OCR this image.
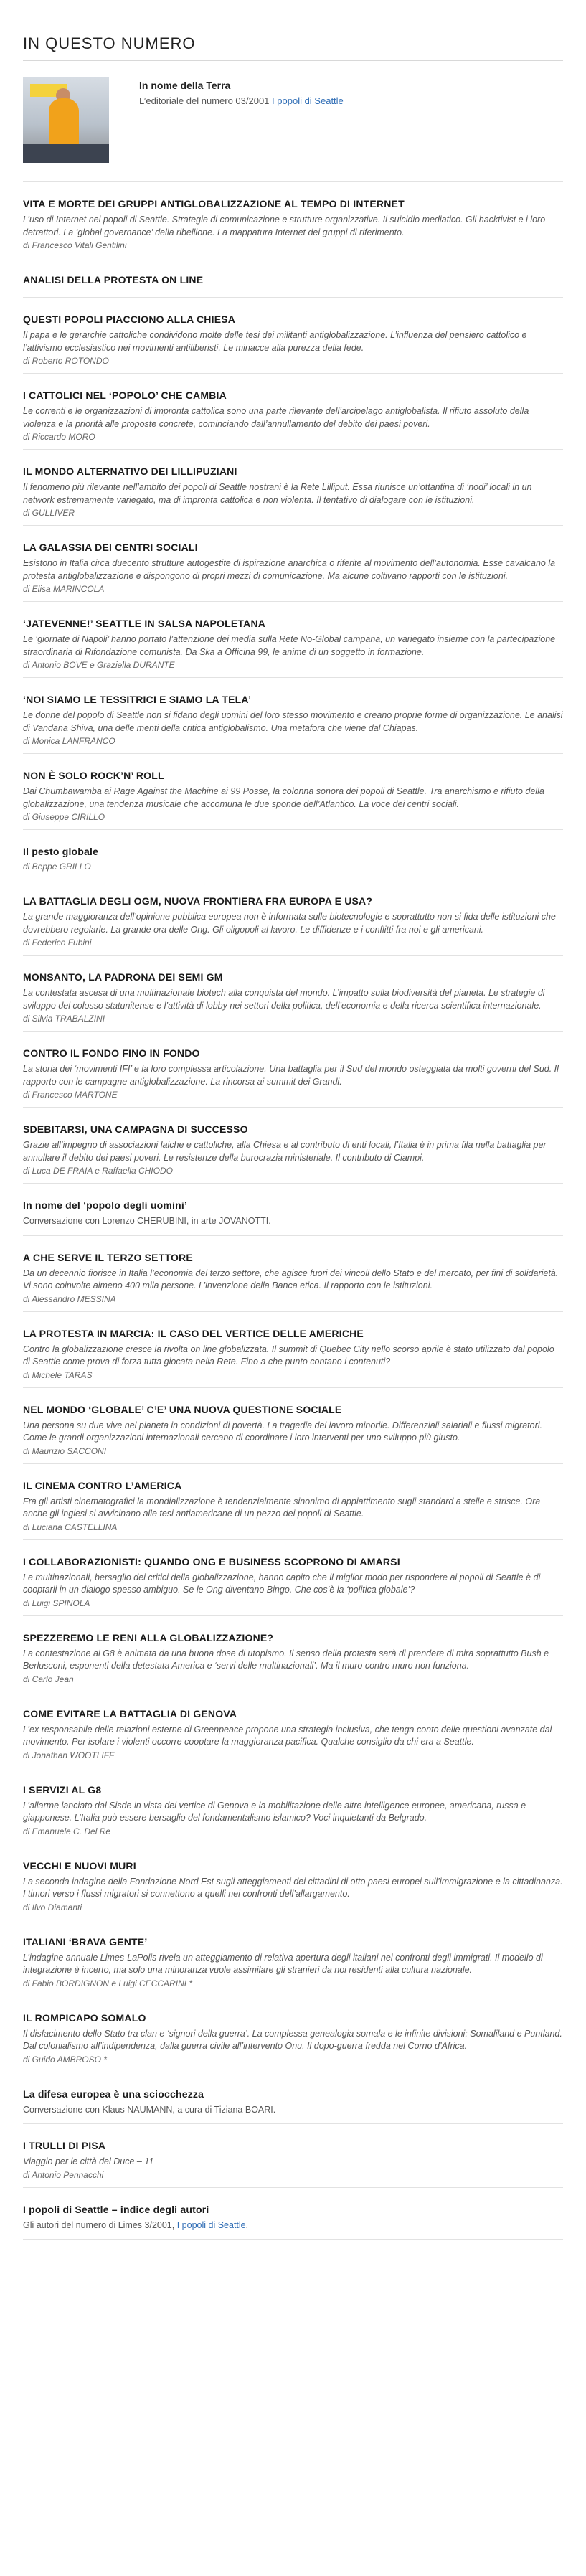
IN QUESTO NUMERO
In nome della Terra
L’editoriale del numero 03/2001 I popoli di Seattle
VITA E MORTE DEI GRUPPI ANTIGLOBALIZZAZIONE AL TEMPO DI INTERNET
L’uso di Internet nei popoli di Seattle. Strategie di comunicazione e strutture organizzative. Il suicidio mediatico. Gli hacktivist e i loro detrattori. La ‘global governance’ della ribellione. La mappatura Internet dei gruppi di riferimento.
di Francesco Vitali Gentilini
ANALISI DELLA PROTESTA ON LINE
QUESTI POPOLI PIACCIONO ALLA CHIESA
Il papa e le gerarchie cattoliche condividono molte delle tesi dei militanti antiglobalizzazione. L’influenza del pensiero cattolico e l’attivismo ecclesiastico nei movimenti antiliberisti. Le minacce alla purezza della fede.
di Roberto ROTONDO
I CATTOLICI NEL ‘POPOLO’ CHE CAMBIA
Le correnti e le organizzazioni di impronta cattolica sono una parte rilevante dell’arcipelago antiglobalista. Il rifiuto assoluto della violenza e la priorità alle proposte concrete, cominciando dall’annullamento del debito dei paesi poveri.
di Riccardo MORO
IL MONDO ALTERNATIVO DEI LILLIPUZIANI
Il fenomeno più rilevante nell’ambito dei popoli di Seattle nostrani è la Rete Lilliput. Essa riunisce un’ottantina di ‘nodi’ locali in un network estremamente variegato, ma di impronta cattolica e non violenta. Il tentativo di dialogare con le istituzioni.
di GULLIVER
LA GALASSIA DEI CENTRI SOCIALI
Esistono in Italia circa duecento strutture autogestite di ispirazione anarchica o riferite al movimento dell’autonomia. Esse cavalcano la protesta antiglobalizzazione e dispongono di propri mezzi di comunicazione. Ma alcune coltivano rapporti con le istituzioni.
di Elisa MARINCOLA
‘JATEVENNE!’ SEATTLE IN SALSA NAPOLETANA
Le ‘giornate di Napoli’ hanno portato l’attenzione dei media sulla Rete No-Global campana, un variegato insieme con la partecipazione straordinaria di Rifondazione comunista. Da Ska a Officina 99, le anime di un soggetto in formazione.
di Antonio BOVE e Graziella DURANTE
‘NOI SIAMO LE TESSITRICI E SIAMO LA TELA’
Le donne del popolo di Seattle non si fidano degli uomini del loro stesso movimento e creano proprie forme di organizzazione. Le analisi di Vandana Shiva, una delle menti della critica antiglobalismo. Una metafora che viene dal Chiapas.
di Monica LANFRANCO
NON È SOLO ROCK’N’ ROLL
Dai Chumbawamba ai Rage Against the Machine ai 99 Posse, la colonna sonora dei popoli di Seattle. Tra anarchismo e rifiuto della globalizzazione, una tendenza musicale che accomuna le due sponde dell’Atlantico. La voce dei centri sociali.
di Giuseppe CIRILLO
Il pesto globale
di Beppe GRILLO
LA BATTAGLIA DEGLI OGM, NUOVA FRONTIERA FRA EUROPA E USA?
La grande maggioranza dell’opinione pubblica europea non è informata sulle biotecnologie e soprattutto non si fida delle istituzioni che dovrebbero regolarle. La grande ora delle Ong. Gli oligopoli al lavoro. Le diffidenze e i conflitti fra noi e gli americani.
di Federico Fubini
MONSANTO, LA PADRONA DEI SEMI GM
La contestata ascesa di una multinazionale biotech alla conquista del mondo. L’impatto sulla biodiversità del pianeta. Le strategie di sviluppo del colosso statunitense e l’attività di lobby nei settori della politica, dell’economia e della ricerca scientifica internazionale.
di Silvia TRABALZINI
CONTRO IL FONDO FINO IN FONDO
La storia dei ‘movimenti IFI’ e la loro complessa articolazione. Una battaglia per il Sud del mondo osteggiata da molti governi del Sud. Il rapporto con le campagne antiglobalizzazione. La rincorsa ai summit dei Grandi.
di Francesco MARTONE
SDEBITARSI, UNA CAMPAGNA DI SUCCESSO
Grazie all’impegno di associazioni laiche e cattoliche, alla Chiesa e al contributo di enti locali, l’Italia è in prima fila nella battaglia per annullare il debito dei paesi poveri. Le resistenze della burocrazia ministeriale. Il contributo di Ciampi.
di Luca DE FRAIA e Raffaella CHIODO
In nome del ‘popolo degli uomini’
Conversazione con Lorenzo CHERUBINI, in arte JOVANOTTI.
A CHE SERVE IL TERZO SETTORE
Da un decennio fioriscе in Italia l’economia del terzo settore, che agisce fuori dei vincoli dello Stato e del mercato, per fini di solidarietà. Vi sono coinvolte almeno 400 mila persone. L’invenzione della Banca etica. Il rapporto con le istituzioni.
di Alessandro MESSINA
LA PROTESTA IN MARCIA: IL CASO DEL VERTICE DELLE AMERICHE
Contro la globalizzazione cresce la rivolta on line globalizzata. Il summit di Quebec City nello scorso aprile è stato utilizzato dal popolo di Seattle come prova di forza tutta giocata nella Rete. Fino a che punto contano i contenuti?
di Michele TARAS
NEL MONDO ‘GLOBALE’ C’E’ UNA NUOVA QUESTIONE SOCIALE
Una persona su due vive nel pianeta in condizioni di povertà. La tragedia del lavoro minorile. Differenziali salariali e flussi migratori. Come le grandi organizzazioni internazionali cercano di coordinare i loro interventi per uno sviluppo più giusto.
di Maurizio SACCONI
IL CINEMA CONTRO L’AMERICA
Fra gli artisti cinematografici la mondializzazione è tendenzialmente sinonimo di appiattimento sugli standard a stelle e strisce. Ora anche gli inglesi si avvicinano alle tesi antiamericane di un pezzo dei popoli di Seattle.
di Luciana CASTELLINA
I COLLABORAZIONISTI: QUANDO ONG E BUSINESS SCOPRONO DI AMARSI
Le multinazionali, bersaglio dei critici della globalizzazione, hanno capito che il miglior modo per rispondere ai popoli di Seattle è di cooptarli in un dialogo spesso ambiguo. Se le Ong diventano Bingo. Che cos’è la ‘politica globale’?
di Luigi SPINOLA
SPEZZEREMO LE RENI ALLA GLOBALIZZAZIONE?
La contestazione al G8 è animata da una buona dose di utopismo. Il senso della protesta sarà di prendere di mira soprattutto Bush e Berlusconi, esponenti della detestata America e ‘servi delle multinazionali’. Ma il muro contro muro non funziona.
di Carlo Jean
COME EVITARE LA BATTAGLIA DI GENOVA
L’ex responsabile delle relazioni esterne di Greenpeace propone una strategia inclusiva, che tenga conto delle questioni avanzate dal movimento. Per isolare i violenti occorre cooptare la maggioranza pacifica. Qualche consiglio da chi era a Seattle.
di Jonathan WOOTLIFF
I SERVIZI AL G8
L’allarme lanciato dal Sisde in vista del vertice di Genova e la mobilitazione delle altre intelligence europee, americana, russa e giapponese. L’Italia può essere bersaglio del fondamentalismo islamico? Voci inquietanti da Belgrado.
di Emanuele C. Del Re
VECCHI E NUOVI MURI
La seconda indagine della Fondazione Nord Est sugli atteggiamenti dei cittadini di otto paesi europei sull’immigrazione e la cittadinanza. I timori verso i flussi migratori si connettono a quelli nei confronti dell’allargamento.
di Ilvo Diamanti
ITALIANI ‘BRAVA GENTE’
L’indagine annuale Limes-LaPolis rivela un atteggiamento di relativa apertura degli italiani nei confronti degli immigrati. Il modello di integrazione è incerto, ma solo una minoranza vuole assimilare gli stranieri da noi residenti alla cultura nazionale.
di Fabio BORDIGNON e Luigi CECCARINI *
IL ROMPICAPO SOMALO
Il disfacimento dello Stato tra clan e ‘signori della guerra’. La complessa genealogia somala e le infinite divisioni: Somaliland e Puntland. Dal colonialismo all’indipendenza, dalla guerra civile all’intervento Onu. Il dopo-guerra fredda nel Corno d’Africa.
di Guido AMBROSO *
La difesa europea è una sciocchezza
Conversazione con Klaus NAUMANN, a cura di Tiziana BOARI.
I TRULLI DI PISA
Viaggio per le città del Duce – 11
di Antonio Pennacchi
I popoli di Seattle – indice degli autori
Gli autori del numero di Limes 3/2001, I popoli di Seattle.
